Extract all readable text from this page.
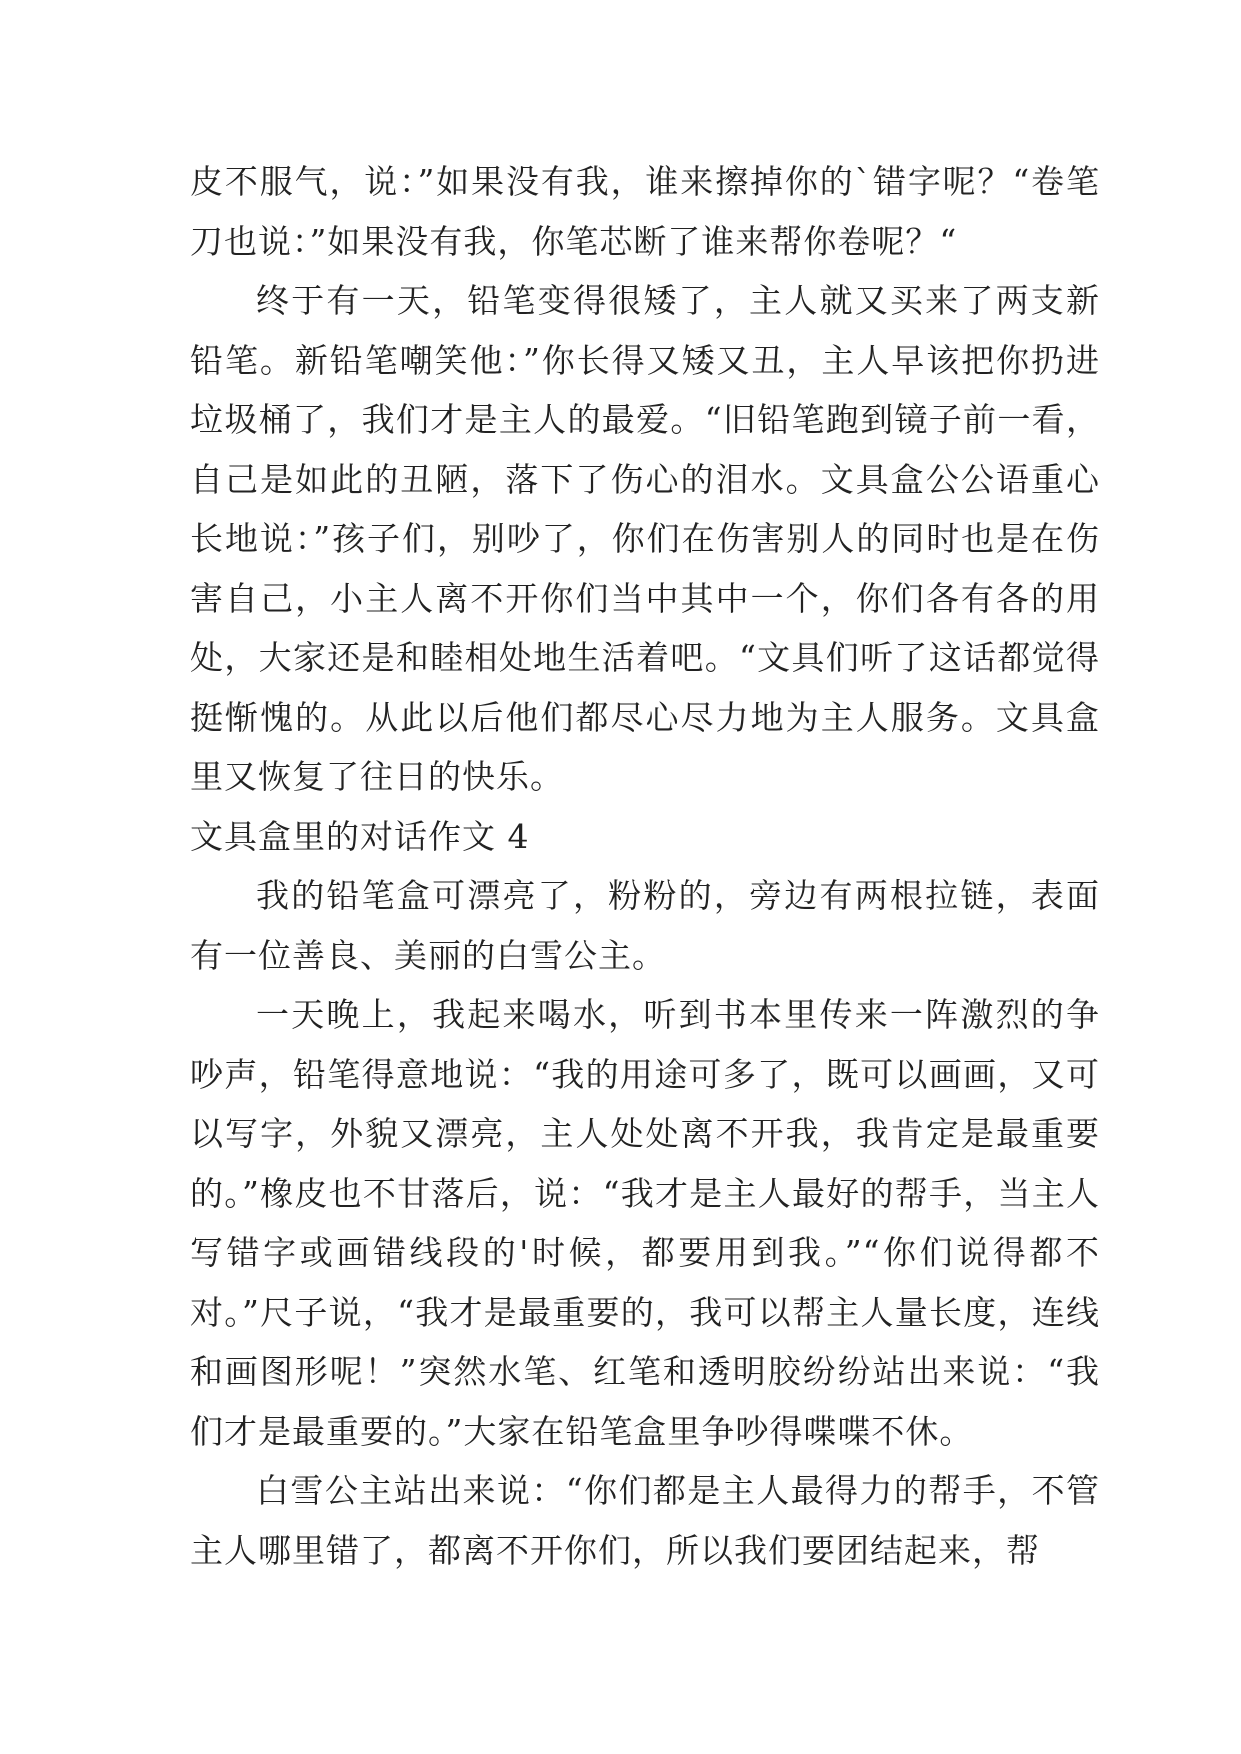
皮不服气，说：”如果没有我，谁来擦掉你的`错字呢？“卷笔刀也说：”如果没有我，你笔芯断了谁来帮你卷呢？“

终于有一天，铅笔变得很矮了，主人就又买来了两支新铅笔。新铅笔嘲笑他：”你长得又矮又丑，主人早该把你扔进垃圾桶了，我们才是主人的最爱。“旧铅笔跑到镜子前一看，自己是如此的丑陋，落下了伤心的泪水。文具盒公公语重心长地说：”孩子们，别吵了，你们在伤害别人的同时也是在伤害自己，小主人离不开你们当中其中一个，你们各有各的用处，大家还是和睦相处地生活着吧。“文具们听了这话都觉得挺惭愧的。从此以后他们都尽心尽力地为主人服务。文具盒里又恢复了往日的快乐。

文具盒里的对话作文 4

我的铅笔盒可漂亮了，粉粉的，旁边有两根拉链，表面有一位善良、美丽的白雪公主。

一天晚上，我起来喝水，听到书本里传来一阵激烈的争吵声，铅笔得意地说：“我的用途可多了，既可以画画，又可以写字，外貌又漂亮，主人处处离不开我，我肯定是最重要的。”橡皮也不甘落后，说：“我才是主人最好的帮手，当主人写错字或画错线段的'时候，都要用到我。”“你们说得都不对。”尺子说，“我才是最重要的，我可以帮主人量长度，连线和画图形呢！”突然水笔、红笔和透明胶纷纷站出来说：“我们才是最重要的。”大家在铅笔盒里争吵得喋喋不休。

白雪公主站出来说：“你们都是主人最得力的帮手，不管主人哪里错了，都离不开你们，所以我们要团结起来，帮
